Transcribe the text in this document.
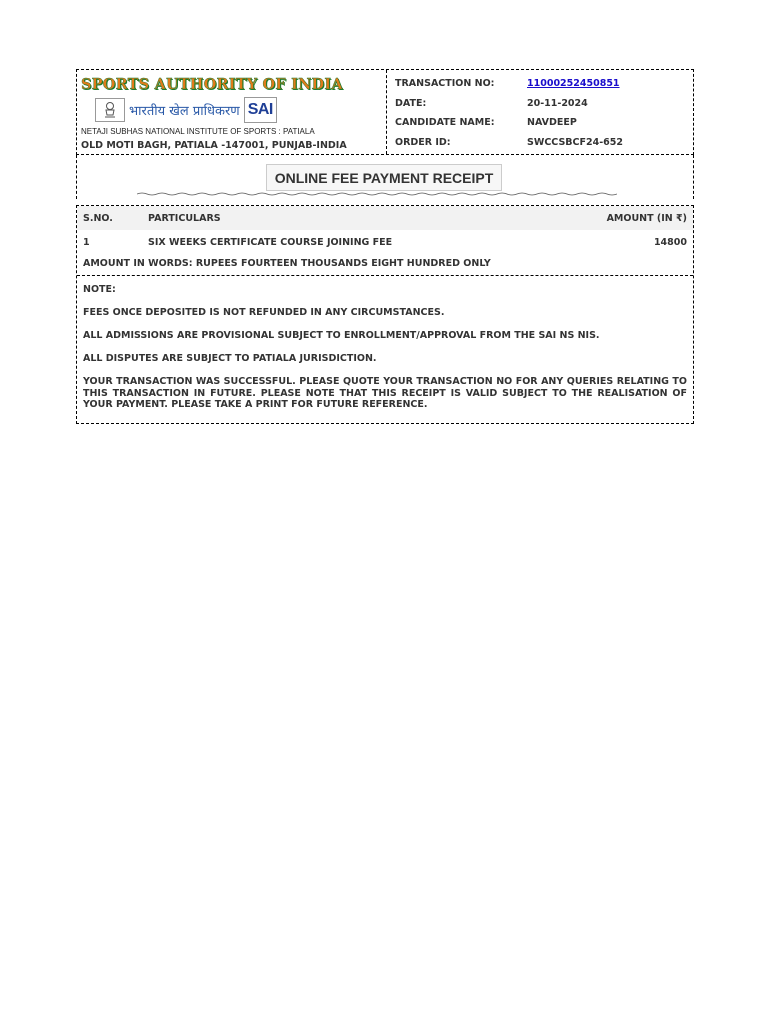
SPORTS AUTHORITY OF INDIA
भारतीय खेल प्राधिकरण SAI
NETAJI SUBHAS NATIONAL INSTITUTE OF SPORTS : PATIALA
OLD MOTI BAGH, PATIALA -147001, PUNJAB-INDIA
TRANSACTION NO:	11000252450851
DATE:	20-11-2024
CANDIDATE NAME:	NAVDEEP
ORDER ID:	SWCCSBCF24-652
ONLINE FEE PAYMENT RECEIPT
S.NO.	PARTICULARS	AMOUNT (IN ₹)
1	SIX WEEKS CERTIFICATE COURSE JOINING FEE	14800
AMOUNT IN WORDS: RUPEES FOURTEEN THOUSANDS EIGHT HUNDRED ONLY
NOTE:
FEES ONCE DEPOSITED IS NOT REFUNDED IN ANY CIRCUMSTANCES.
ALL ADMISSIONS ARE PROVISIONAL SUBJECT TO ENROLLMENT/APPROVAL FROM THE SAI NS NIS.
ALL DISPUTES ARE SUBJECT TO PATIALA JURISDICTION.
YOUR TRANSACTION WAS SUCCESSFUL. PLEASE QUOTE YOUR TRANSACTION NO FOR ANY QUERIES RELATING TO THIS TRANSACTION IN FUTURE. PLEASE NOTE THAT THIS RECEIPT IS VALID SUBJECT TO THE REALISATION OF YOUR PAYMENT. PLEASE TAKE A PRINT FOR FUTURE REFERENCE.
